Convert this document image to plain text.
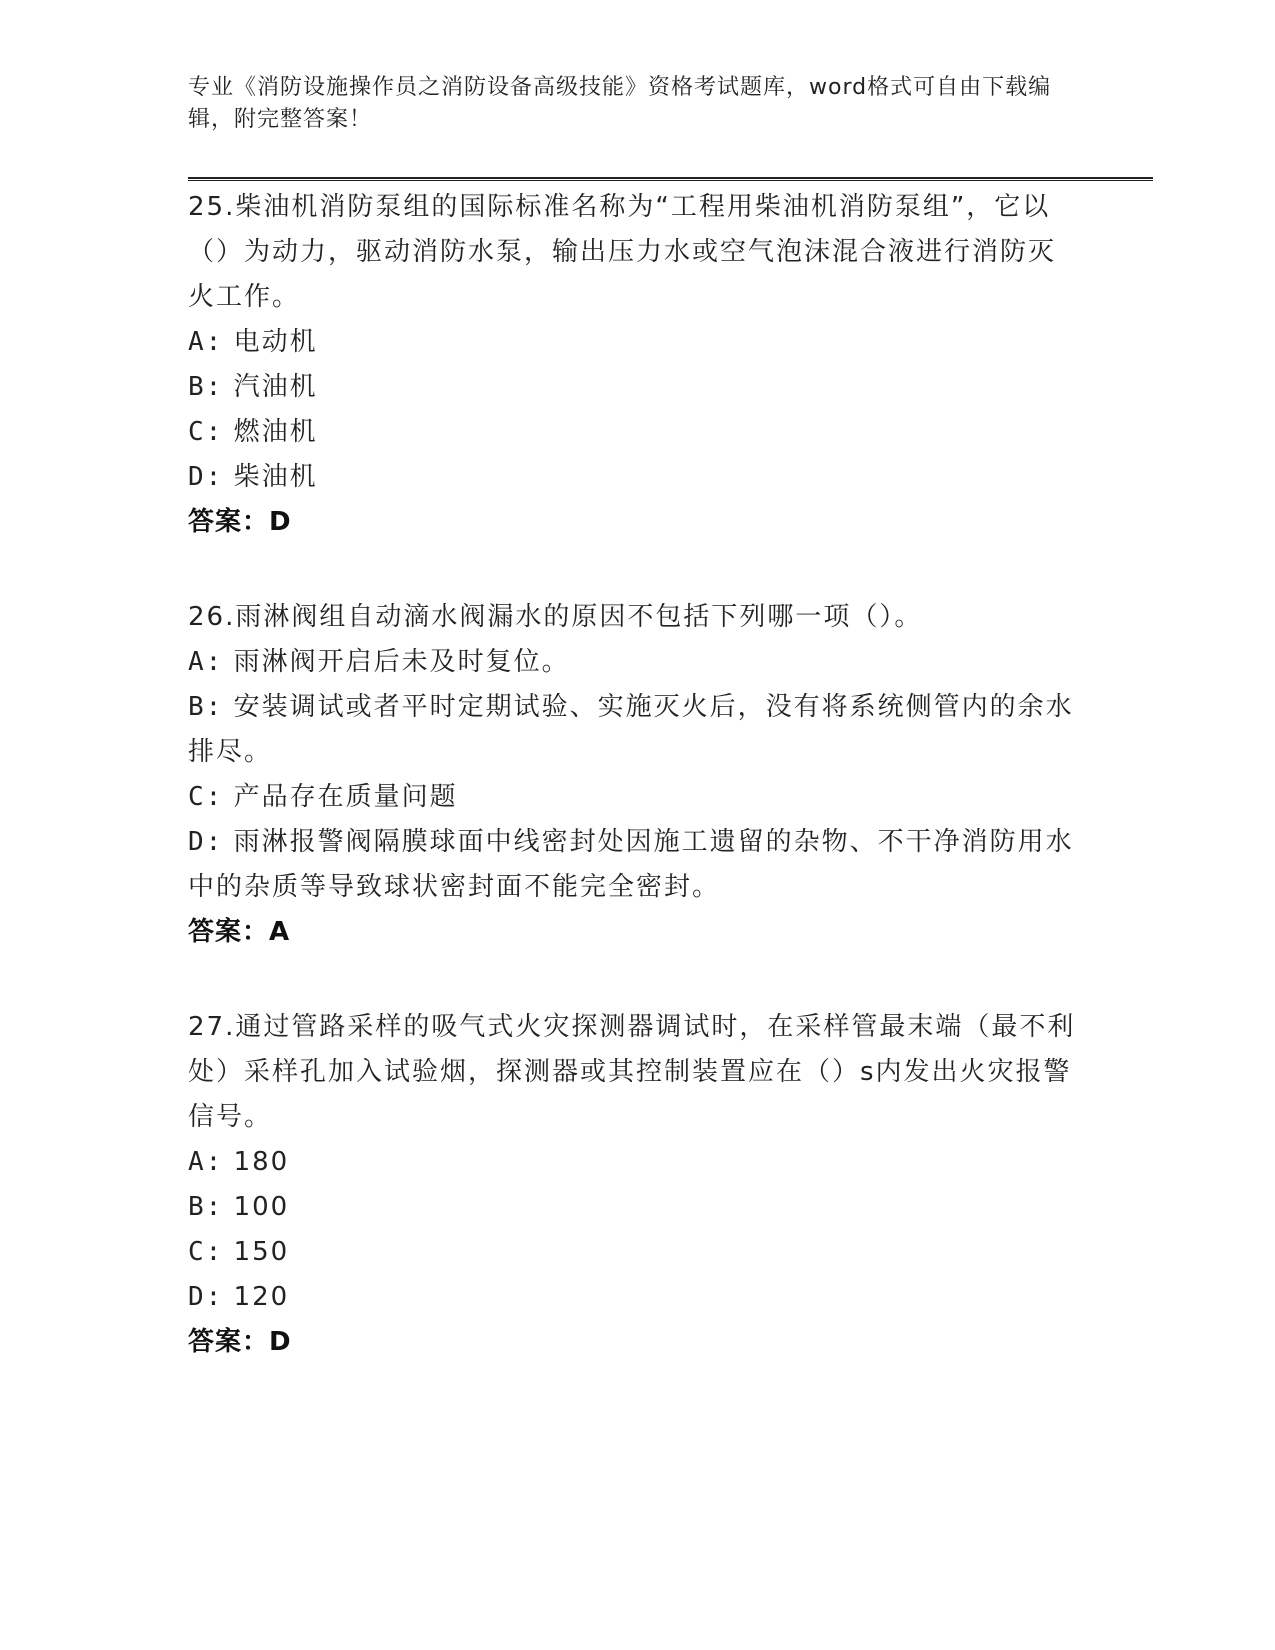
专业《消防设施操作员之消防设备高级技能》资格考试题库，word格式可自由下载编辑，附完整答案！
25.柴油机消防泵组的国际标准名称为“工程用柴油机消防泵组”，它以（）为动力，驱动消防水泵，输出压力水或空气泡沫混合液进行消防灭火工作。
A: 电动机
B: 汽油机
C: 燃油机
D: 柴油机
答案：D
26.雨淋阀组自动滴水阀漏水的原因不包括下列哪一项（）。
A: 雨淋阀开启后未及时复位。
B: 安装调试或者平时定期试验、实施灭火后，没有将系统侧管内的余水排尽。
C: 产品存在质量问题
D: 雨淋报警阀隔膜球面中线密封处因施工遗留的杂物、不干净消防用水中的杂质等导致球状密封面不能完全密封。
答案：A
27.通过管路采样的吸气式火灾探测器调试时，在采样管最末端（最不利处）采样孔加入试验烟，探测器或其控制装置应在（）s内发出火灾报警信号。
A: 180
B: 100
C: 150
D: 120
答案：D
